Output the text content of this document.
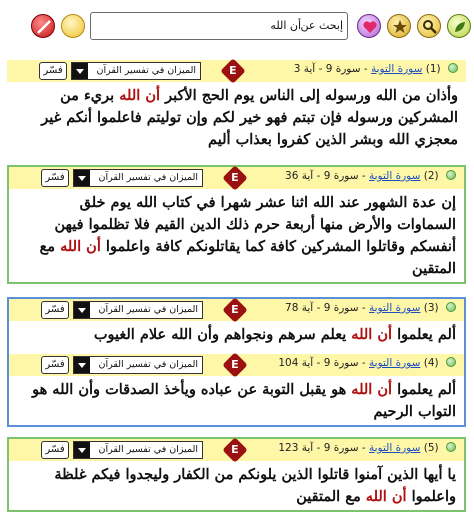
إبحث عن
أن الله
فسّر	الميزان في تفسير القرآن	E	(1) سورة التوبة - سورة 9 - آية 3
وأذان من الله ورسوله إلى الناس يوم الحج الأكبر أن الله بريء من المشركين ورسوله فإن تبتم فهو خير لكم وإن توليتم فاعلموا أنكم غير معجزي الله وبشر الذين كفروا بعذاب أليم
فسّر	الميزان في تفسير القرآن	E	(2) سورة التوبة - سورة 9 - آية 36
إن عدة الشهور عند الله اثنا عشر شهرا في كتاب الله يوم خلق السماوات والأرض منها أربعة حرم ذلك الدين القيم فلا تظلموا فيهن أنفسكم وقاتلوا المشركين كافة كما يقاتلونكم كافة واعلموا أن الله مع المتقين
فسّر	الميزان في تفسير القرآن	E	(3) سورة التوبة - سورة 9 - آية 78
ألم يعلموا أن الله يعلم سرهم ونجواهم وأن الله علام الغيوب
فسّر	الميزان في تفسير القرآن	E	(4) سورة التوبة - سورة 9 - آية 104
ألم يعلموا أن الله هو يقبل التوبة عن عباده ويأخذ الصدقات وأن الله هو التواب الرحيم
فسّر	الميزان في تفسير القرآن	E	(5) سورة التوبة - سورة 9 - آية 123
يا أيها الذين آمنوا قاتلوا الذين يلونكم من الكفار وليجدوا فيكم غلظة واعلموا أن الله مع المتقين
